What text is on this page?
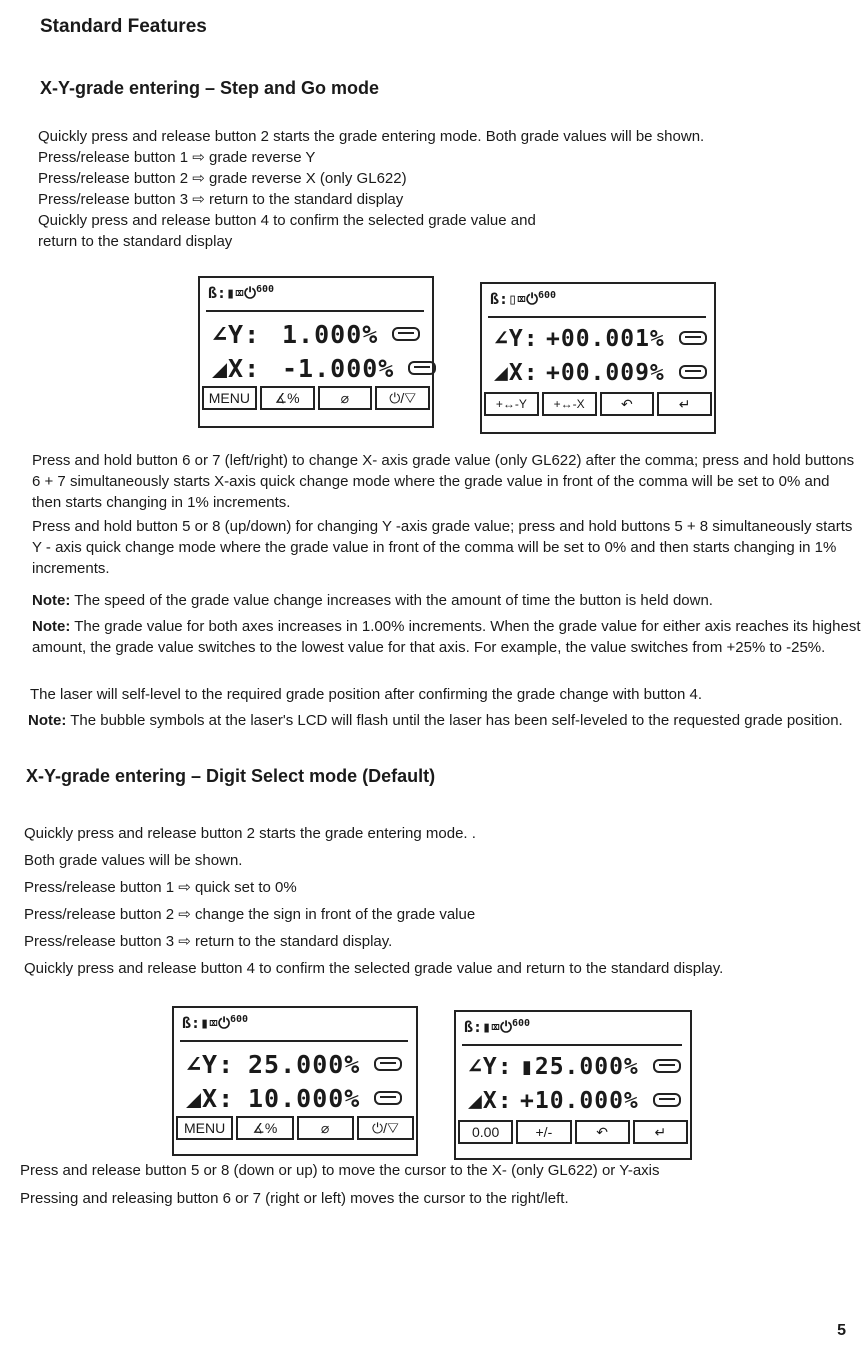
Standard Features
X-Y-grade entering – Step and Go mode
Quickly press and release button 2 starts the grade entering mode. Both grade values will be shown.
Press/release button 1 ⇨ grade reverse Y
Press/release button 2 ⇨ grade reverse X (only GL622)
Press/release button 3 ⇨ return to the standard display
Quickly press and release button 4 to confirm the selected grade value and
return to the standard display
ß:▮⌧⏻$^{600}$
∠Y: 1.000%
◢X: -1.000%
MENU	∡%	⌀	⏻/▽
ß:▯⌧⏻$^{600}$
∠Y: +00.001%
◢X: +00.009%
+↔-Y	+↔-X	↶	↵
Press and hold button 6 or 7 (left/right) to change X- axis grade value (only GL622) after the comma; press and hold buttons 6 + 7 simultaneously starts X-axis quick change mode where the grade value in front of the comma will be set to 0% and then starts changing in 1% increments.
Press and hold button 5 or 8 (up/down) for changing Y -axis grade value; press and hold buttons 5 + 8 simultaneously starts Y - axis quick change mode where the grade value in front of the comma will be set to 0% and then starts changing in 1% increments.
Note: The speed of the grade value change increases with the amount of time the button is held down.
Note: The grade value for both axes increases in 1.00% increments. When the grade value for either axis reaches its highest amount, the grade value switches to the lowest value for that axis. For example, the value switches from +25% to -25%.
The laser will self-level to the required grade position after confirming the grade change with button 4.
Note: The bubble symbols at the laser's LCD will flash until the laser has been self-leveled to the requested grade position.
X-Y-grade entering – Digit Select mode (Default)
Quickly press and release button 2 starts the grade entering mode. .
Both grade values will be shown.
Press/release button 1 ⇨ quick set to 0%
Press/release button 2 ⇨ change the sign in front of the grade value
Press/release button 3 ⇨ return to the standard display.
Quickly press and release button 4 to confirm the selected grade value and return to the standard display.
ß:▮⌧⏻$^{600}$
∠Y: 25.000%
◢X: 10.000%
MENU	∡%	⌀	⏻/▽
ß:▮⌧⏻$^{600}$
∠Y: ▮25.000%
◢X: +10.000%
0.00	+/-	↶	↵
Press and release button 5 or 8 (down or up) to move the cursor to the X- (only GL622) or Y-axis
Pressing and releasing button 6 or 7 (right or left) moves the cursor to the right/left.
5
